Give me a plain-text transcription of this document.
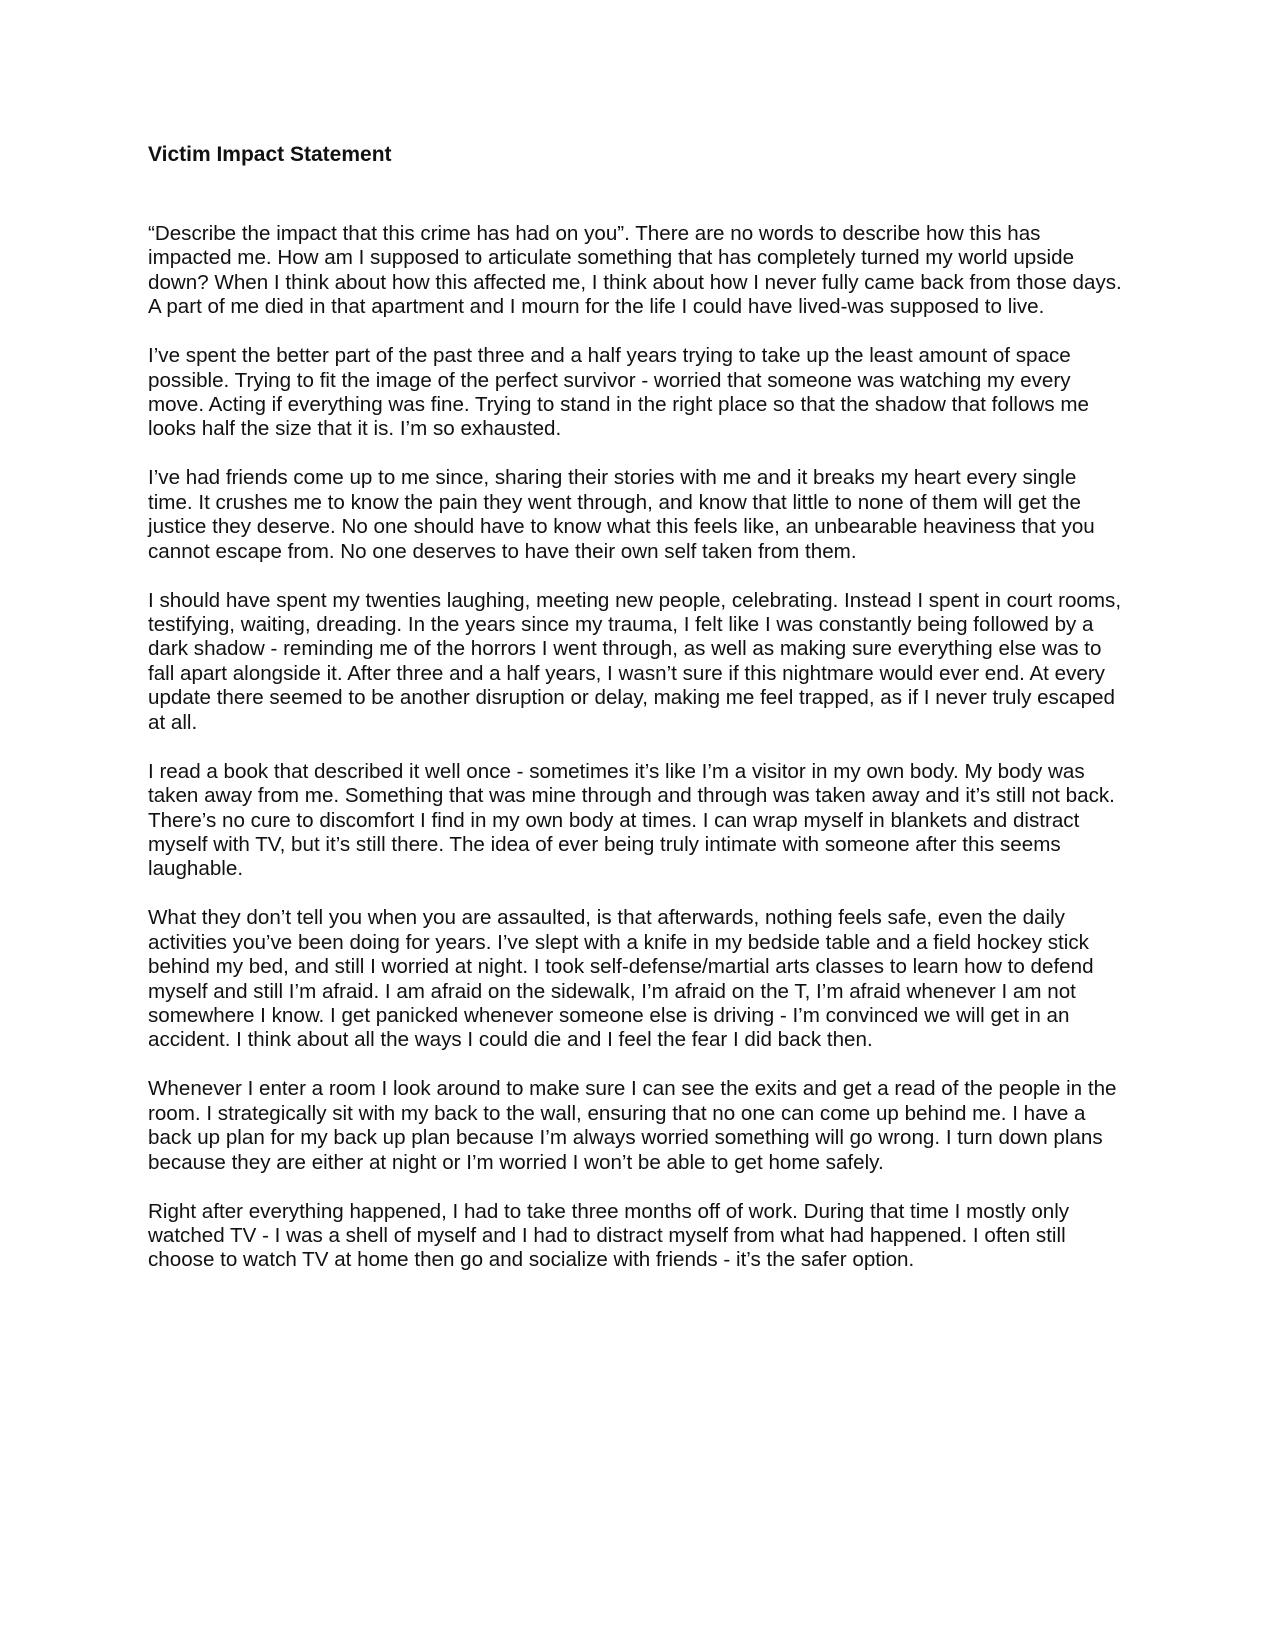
Victim Impact Statement

“Describe the impact that this crime has had on you”. There are no words to describe how this has impacted me. How am I supposed to articulate something that has completely turned my world upside down? When I think about how this affected me, I think about how I never fully came back from those days. A part of me died in that apartment and I mourn for the life I could have lived-was supposed to live.

I’ve spent the better part of the past three and a half years trying to take up the least amount of space possible. Trying to fit the image of the perfect survivor - worried that someone was watching my every move. Acting if everything was fine. Trying to stand in the right place so that the shadow that follows me looks half the size that it is. I’m so exhausted.

I’ve had friends come up to me since, sharing their stories with me and it breaks my heart every single time. It crushes me to know the pain they went through, and know that little to none of them will get the justice they deserve. No one should have to know what this feels like, an unbearable heaviness that you cannot escape from. No one deserves to have their own self taken from them.

I should have spent my twenties laughing, meeting new people, celebrating. Instead I spent in court rooms, testifying, waiting, dreading. In the years since my trauma, I felt like I was constantly being followed by a dark shadow - reminding me of the horrors I went through, as well as making sure everything else was to fall apart alongside it. After three and a half years, I wasn’t sure if this nightmare would ever end. At every update there seemed to be another disruption or delay, making me feel trapped, as if I never truly escaped at all.

I read a book that described it well once - sometimes it’s like I’m a visitor in my own body. My body was taken away from me. Something that was mine through and through was taken away and it’s still not back. There’s no cure to discomfort I find in my own body at times. I can wrap myself in blankets and distract myself with TV, but it’s still there. The idea of ever being truly intimate with someone after this seems laughable.

What they don’t tell you when you are assaulted, is that afterwards, nothing feels safe, even the daily activities you’ve been doing for years. I’ve slept with a knife in my bedside table and a field hockey stick behind my bed, and still I worried at night. I took self-defense/martial arts classes to learn how to defend myself and still I’m afraid. I am afraid on the sidewalk, I’m afraid on the T, I’m afraid whenever I am not somewhere I know. I get panicked whenever someone else is driving - I’m convinced we will get in an accident. I think about all the ways I could die and I feel the fear I did back then.

Whenever I enter a room I look around to make sure I can see the exits and get a read of the people in the room. I strategically sit with my back to the wall, ensuring that no one can come up behind me. I have a back up plan for my back up plan because I’m always worried something will go wrong. I turn down plans because they are either at night or I’m worried I won’t be able to get home safely.

Right after everything happened, I had to take three months off of work. During that time I mostly only watched TV - I was a shell of myself and I had to distract myself from what had happened. I often still choose to watch TV at home then go and socialize with friends - it’s the safer option.
